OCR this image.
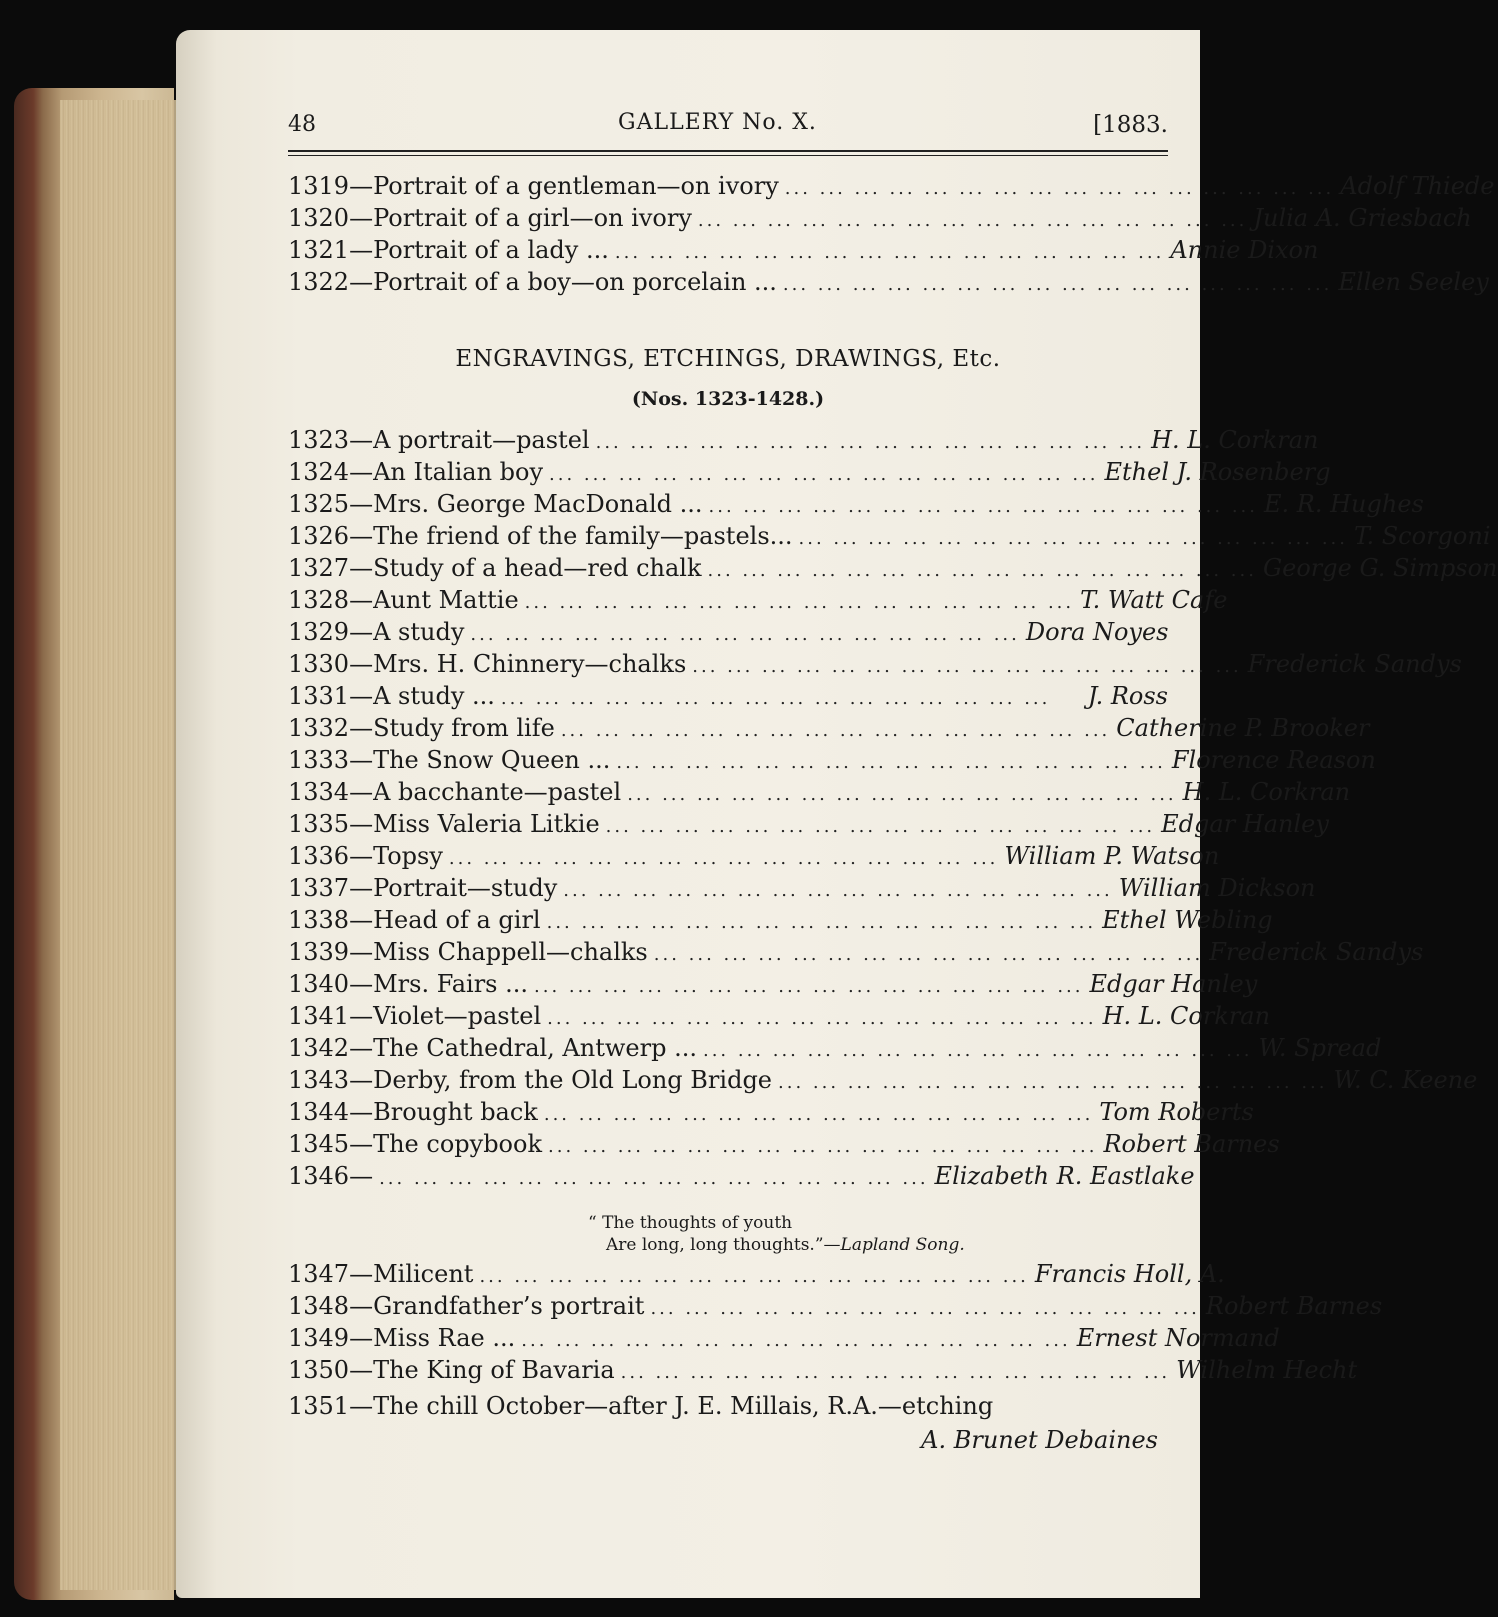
48	GALLERY No. X.	[1883.
1319—Portrait of a gentleman—on ivory ... ... ... ... ... ... ... ... ... ... ... ... ... ... ... ... Adolf Thiede
1320—Portrait of a girl—on ivory ... ... ... ... ... ... ... ... ... ... ... ... ... ... ... ... Julia A. Griesbach
1321—Portrait of a lady ... ... ... ... ... ... ... ... ... ... ... ... ... ... ... ... ... Annie Dixon
1322—Portrait of a boy—on porcelain ... ... ... ... ... ... ... ... ... ... ... ... ... ... ... ... ... Ellen Seeley
ENGRAVINGS, ETCHINGS, DRAWINGS, Etc.
(Nos. 1323-1428.)
1323—A portrait—pastel ... ... ... ... ... ... ... ... ... ... ... ... ... ... ... ... H. L. Corkran
1324—An Italian boy ... ... ... ... ... ... ... ... ... ... ... ... ... ... ... ... Ethel J. Rosenberg
1325—Mrs. George MacDonald ... ... ... ... ... ... ... ... ... ... ... ... ... ... ... ... ... E. R. Hughes
1326—The friend of the family—pastels... ... ... ... ... ... ... ... ... ... ... ... ... ... ... ... ... T. Scorgoni
1327—Study of a head—red chalk ... ... ... ... ... ... ... ... ... ... ... ... ... ... ... ... George G. Simpson
1328—Aunt Mattie ... ... ... ... ... ... ... ... ... ... ... ... ... ... ... ... T. Watt Cafe
1329—A study ... ... ... ... ... ... ... ... ... ... ... ... ... ... ... ... Dora Noyes
1330—Mrs. H. Chinnery—chalks ... ... ... ... ... ... ... ... ... ... ... ... ... ... ... ... Frederick Sandys
1331—A study ... ... ... ... ... ... ... ... ... ... ... ... ... ... ... ... ...	J. Ross
1332—Study from life ... ... ... ... ... ... ... ... ... ... ... ... ... ... ... ... Catherine P. Brooker
1333—The Snow Queen ... ... ... ... ... ... ... ... ... ... ... ... ... ... ... ... ... Florence Reason
1334—A bacchante—pastel ... ... ... ... ... ... ... ... ... ... ... ... ... ... ... ... H. L. Corkran
1335—Miss Valeria Litkie ... ... ... ... ... ... ... ... ... ... ... ... ... ... ... ... Edgar Hanley
1336—Topsy ... ... ... ... ... ... ... ... ... ... ... ... ... ... ... ... William P. Watson
1337—Portrait—study ... ... ... ... ... ... ... ... ... ... ... ... ... ... ... ... William Dickson
1338—Head of a girl ... ... ... ... ... ... ... ... ... ... ... ... ... ... ... ... Ethel Webling
1339—Miss Chappell—chalks ... ... ... ... ... ... ... ... ... ... ... ... ... ... ... ... Frederick Sandys
1340—Mrs. Fairs ... ... ... ... ... ... ... ... ... ... ... ... ... ... ... ... ... Edgar Hanley
1341—Violet—pastel ... ... ... ... ... ... ... ... ... ... ... ... ... ... ... ... H. L. Corkran
1342—The Cathedral, Antwerp ... ... ... ... ... ... ... ... ... ... ... ... ... ... ... ... ... W. Spread
1343—Derby, from the Old Long Bridge ... ... ... ... ... ... ... ... ... ... ... ... ... ... ... ... W. C. Keene
1344—Brought back ... ... ... ... ... ... ... ... ... ... ... ... ... ... ... ... Tom Roberts
1345—The copybook ... ... ... ... ... ... ... ... ... ... ... ... ... ... ... ... Robert Barnes
1346— ... ... ... ... ... ... ... ... ... ... ... ... ... ... ... ... Elizabeth R. Eastlake
“ The thoughts of youth
Are long, long thoughts.”—Lapland Song.
1347—Milicent ... ... ... ... ... ... ... ... ... ... ... ... ... ... ... ... Francis Holl, A.
1348—Grandfather’s portrait ... ... ... ... ... ... ... ... ... ... ... ... ... ... ... ... Robert Barnes
1349—Miss Rae ... ... ... ... ... ... ... ... ... ... ... ... ... ... ... ... ... Ernest Normand
1350—The King of Bavaria ... ... ... ... ... ... ... ... ... ... ... ... ... ... ... ... Wilhelm Hecht
1351—The chill October—after J. E. Millais, R.A.—etching
A. Brunet Debaines
